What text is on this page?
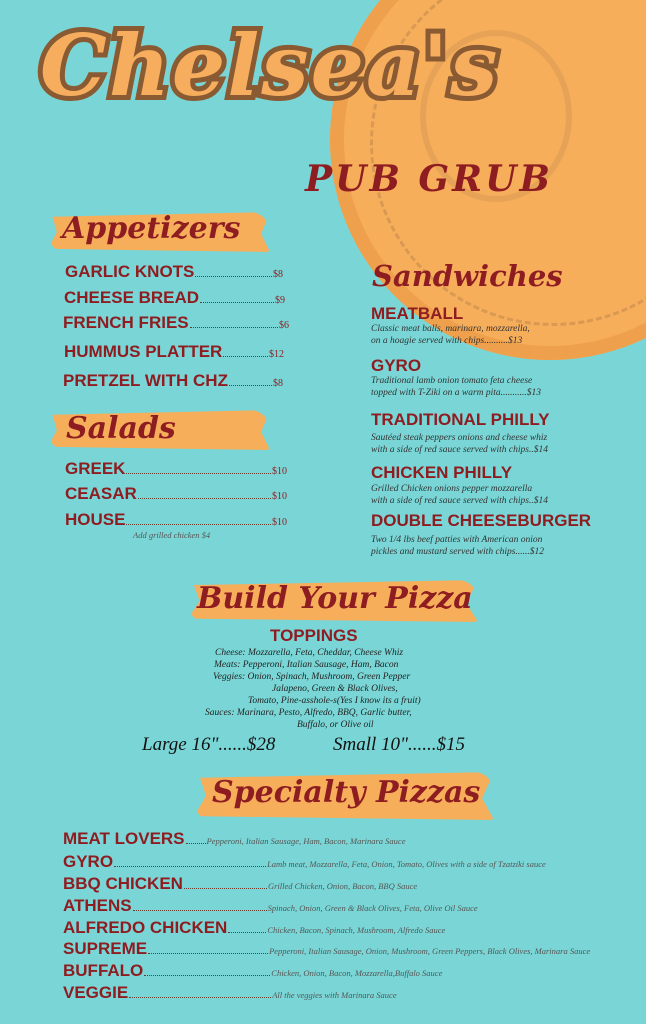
Chelsea's
PUB GRUB
Appetizers
GARLIC KNOTS	$8
CHEESE BREAD	$9
FRENCH FRIES	$6
HUMMUS PLATTER	$12
PRETZEL WITH CHZ	$8
Salads
GREEK	$10
CEASAR	$10
HOUSE	$10
Add grilled chicken $4
Sandwiches
MEATBALL
Classic meat balls, marinara, mozzarella,
on a hoagie served with chips..........$13
GYRO
Traditional lamb onion tomato feta cheese
topped with T-Ziki on a warm pita...........$13
TRADITIONAL PHILLY
Sautéed steak peppers onions and cheese whiz
with a side of red sauce served with chips..$14
CHICKEN PHILLY
Grilled Chicken onions pepper mozzarella
with a side of red sauce served with chips..$14
DOUBLE CHEESEBURGER
Two 1/4 lbs beef patties with American onion
pickles and mustard served with chips......$12
Build Your Pizza
TOPPINGS
Cheese: Mozzarella, Feta, Cheddar, Cheese Whiz
Meats: Pepperoni, Italian Sausage, Ham, Bacon
Veggies: Onion, Spinach, Mushroom, Green Pepper
Jalapeno, Green & Black Olives,
Tomato, Pine-asshole-s(Yes I know its a fruit)
Sauces: Marinara, Pesto, Alfredo, BBQ, Garlic butter,
Buffalo, or Olive oil
Large 16"......$28	Small 10"......$15
Specialty Pizzas
MEAT LOVERS	Pepperoni, Italian Sausage, Ham, Bacon, Marinara Sauce
GYRO	Lamb meat, Mozzarella, Feta, Onion, Tomato, Olives with a side of Tzatziki sauce
BBQ CHICKEN	Grilled Chicken, Onion, Bacon, BBQ Sauce
ATHENS	Spinach, Onion, Green & Black Olives, Feta, Olive Oil Sauce
ALFREDO CHICKEN	Chicken, Bacon, Spinach, Mushroom, Alfredo Sauce
SUPREME	Pepperoni, Italian Sausage, Onion, Mushroom, Green Peppers, Black Olives, Marinara Sauce
BUFFALO	Chicken, Onion, Bacon, Mozzarella,Buffalo Sauce
VEGGIE	All the veggies with Marinara Sauce
